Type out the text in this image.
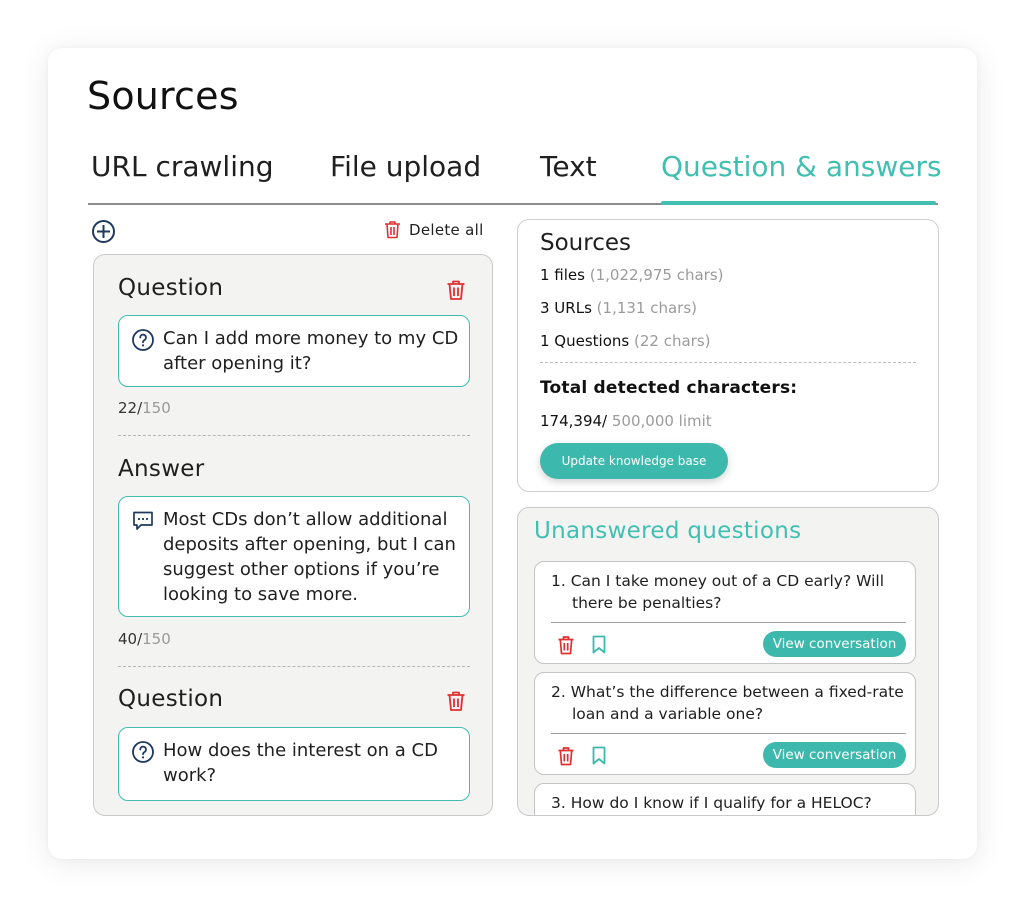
Sources
URL crawling File upload Text Question & answers
Delete all
Question
Can I add more money to my CD after opening it?
22/150
Answer
Most CDs don’t allow additional deposits after opening, but I can suggest other options if you’re looking to save more.
40/150
Question
How does the interest on a CD work?
Sources
1 files (1,022,975 chars)
3 URLs (1,131 chars)
1 Questions (22 chars)
Total detected characters:
174,394/ 500,000 limit
Update knowledge base
Unanswered questions
1. Can I take money out of a CD early? Will there be penalties?
View conversation
2. What’s the difference between a fixed-rate loan and a variable one?
View conversation
3. How do I know if I qualify for a HELOC?
